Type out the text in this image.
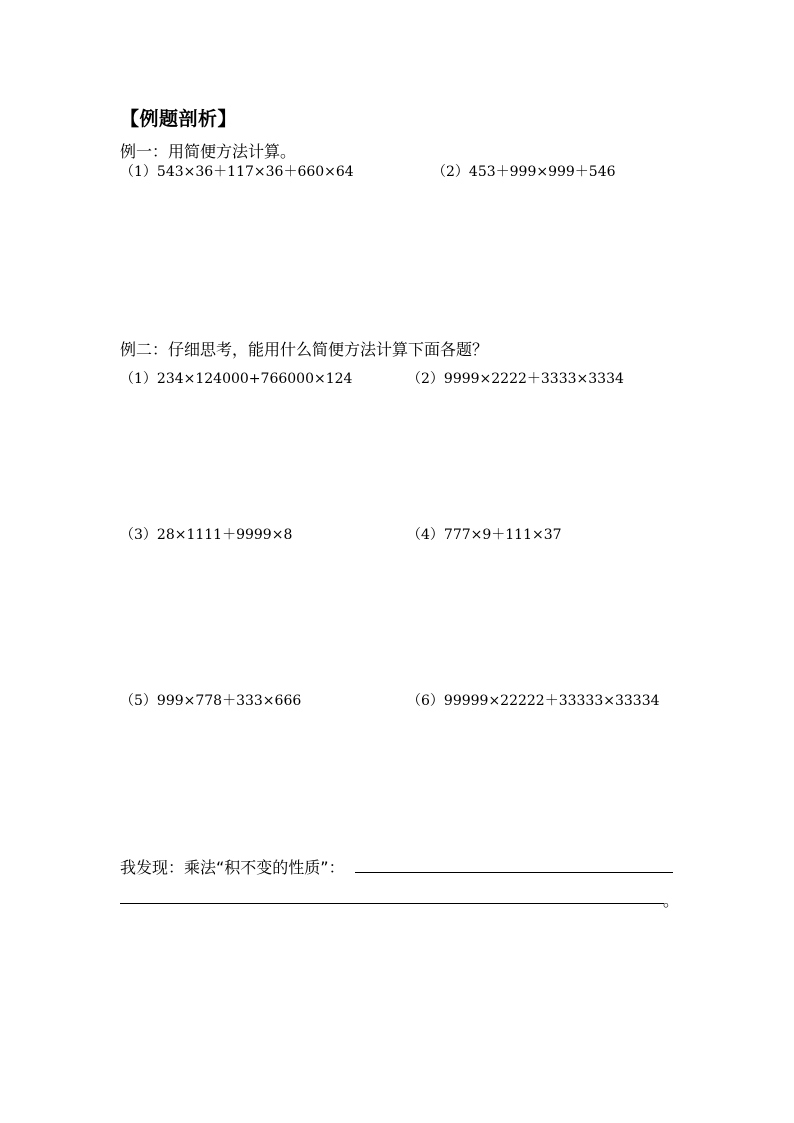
【例题剖析】
例一：用简便方法计算。
（1）543×36＋117×36＋660×64	（2）453＋999×999＋546
例二：仔细思考，能用什么简便方法计算下面各题？
（1）234×124000+766000×124	（2）9999×2222＋3333×3334
（3）28×1111＋9999×8	（4）777×9＋111×37
（5）999×778＋333×666	（6）99999×22222＋33333×33334
我发现：乘法“积不变的性质”：
。
